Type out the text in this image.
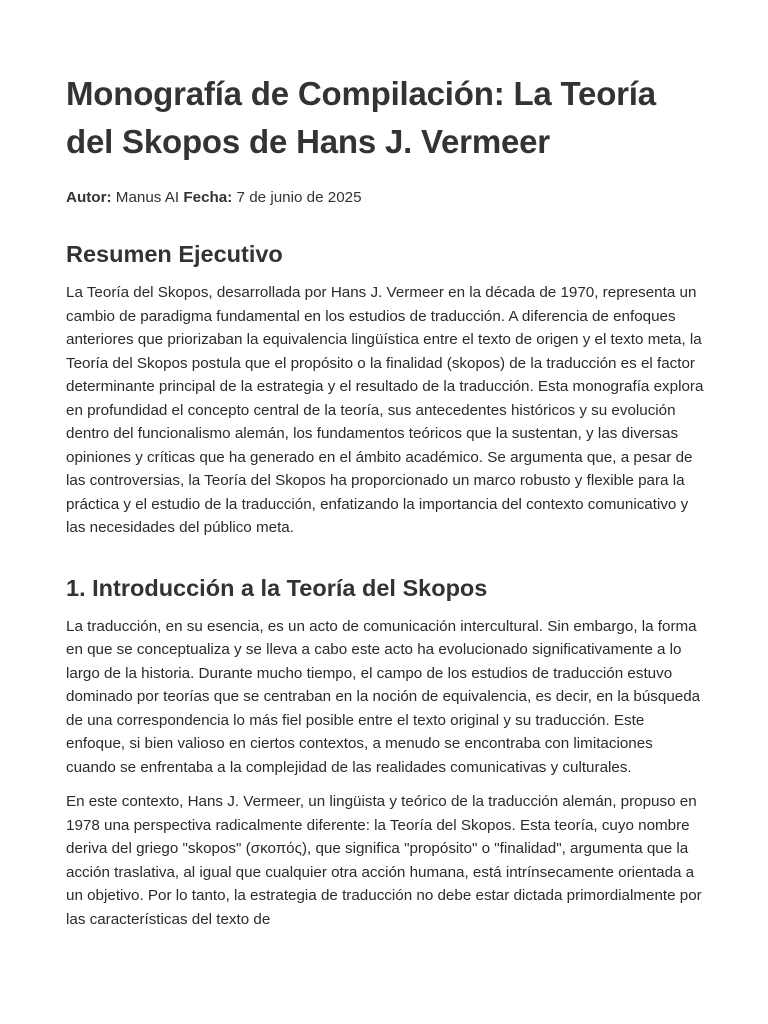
Monografía de Compilación: La Teoría del Skopos de Hans J. Vermeer
Autor: Manus AI Fecha: 7 de junio de 2025
Resumen Ejecutivo

La Teoría del Skopos, desarrollada por Hans J. Vermeer en la década de 1970, representa un cambio de paradigma fundamental en los estudios de traducción. A diferencia de enfoques anteriores que priorizaban la equivalencia lingüística entre el texto de origen y el texto meta, la Teoría del Skopos postula que el propósito o la finalidad (skopos) de la traducción es el factor determinante principal de la estrategia y el resultado de la traducción. Esta monografía explora en profundidad el concepto central de la teoría, sus antecedentes históricos y su evolución dentro del funcionalismo alemán, los fundamentos teóricos que la sustentan, y las diversas opiniones y críticas que ha generado en el ámbito académico. Se argumenta que, a pesar de las controversias, la Teoría del Skopos ha proporcionado un marco robusto y flexible para la práctica y el estudio de la traducción, enfatizando la importancia del contexto comunicativo y las necesidades del público meta.

1. Introducción a la Teoría del Skopos

La traducción, en su esencia, es un acto de comunicación intercultural. Sin embargo, la forma en que se conceptualiza y se lleva a cabo este acto ha evolucionado significativamente a lo largo de la historia. Durante mucho tiempo, el campo de los estudios de traducción estuvo dominado por teorías que se centraban en la noción de equivalencia, es decir, en la búsqueda de una correspondencia lo más fiel posible entre el texto original y su traducción. Este enfoque, si bien valioso en ciertos contextos, a menudo se encontraba con limitaciones cuando se enfrentaba a la complejidad de las realidades comunicativas y culturales.

En este contexto, Hans J. Vermeer, un lingüista y teórico de la traducción alemán, propuso en 1978 una perspectiva radicalmente diferente: la Teoría del Skopos. Esta teoría, cuyo nombre deriva del griego "skopos" (σκοπός), que significa "propósito" o "finalidad", argumenta que la acción traslativa, al igual que cualquier otra acción humana, está intrínsecamente orientada a un objetivo. Por lo tanto, la estrategia de traducción no debe estar dictada primordialmente por las características del texto de
